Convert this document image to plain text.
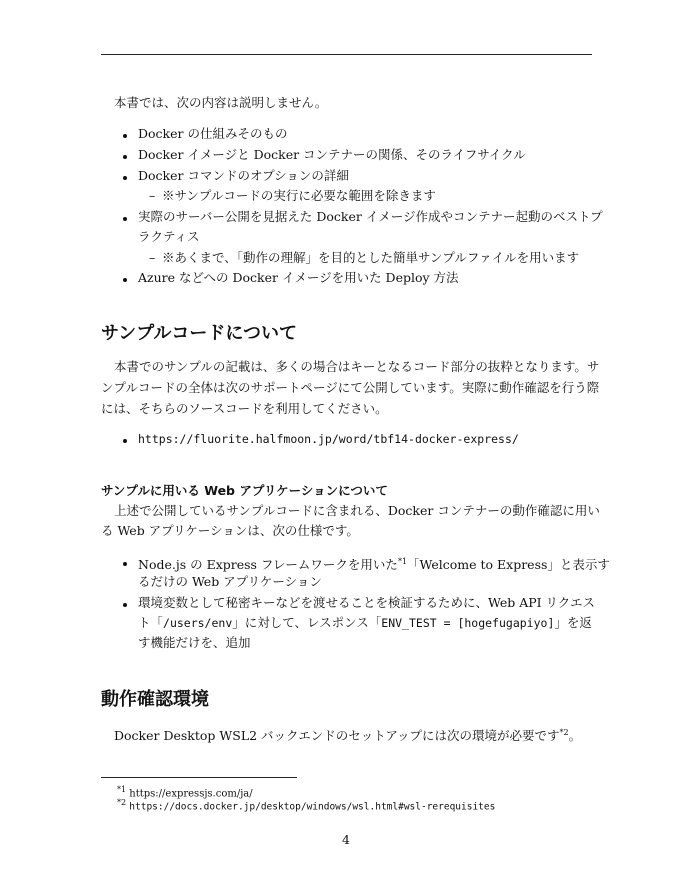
本書では、次の内容は説明しません。
Docker の仕組みそのもの
Docker イメージと Docker コンテナーの関係、そのライフサイクル
Docker コマンドのオプションの詳細
– ※サンプルコードの実行に必要な範囲を除きます
実際のサーバー公開を見据えた Docker イメージ作成やコンテナー起動のベストプ
ラクティス
– ※あくまで、「動作の理解」を目的とした簡単サンプルファイルを用います
Azure などへの Docker イメージを用いた Deploy 方法
サンプルコードについて
本書でのサンプルの記載は、多くの場合はキーとなるコード部分の抜粋となります。サ
ンプルコードの全体は次のサポートページにて公開しています。実際に動作確認を行う際
には、そちらのソースコードを利用してください。
https://fluorite.halfmoon.jp/word/tbf14-docker-express/
サンプルに用いる Web アプリケーションについて
上述で公開しているサンプルコードに含まれる、Docker コンテナーの動作確認に用い
る Web アプリケーションは、次の仕様です。
Node.js の Express フレームワークを用いた$^{*1}$「Welcome to Express」と表示す
るだけの Web アプリケーション
環境変数として秘密キーなどを渡せることを検証するために、Web API リクエス
ト「/users/env」に対して、レスポンス「ENV_TEST = [hogefugapiyo]」を返
す機能だけを、追加
動作確認環境
Docker Desktop WSL2 バックエンドのセットアップには次の環境が必要です$^{*2}$。
$^{*1}$ https://expressjs.com/ja/
$^{*2}$ https://docs.docker.jp/desktop/windows/wsl.html#wsl-rerequisites
4
